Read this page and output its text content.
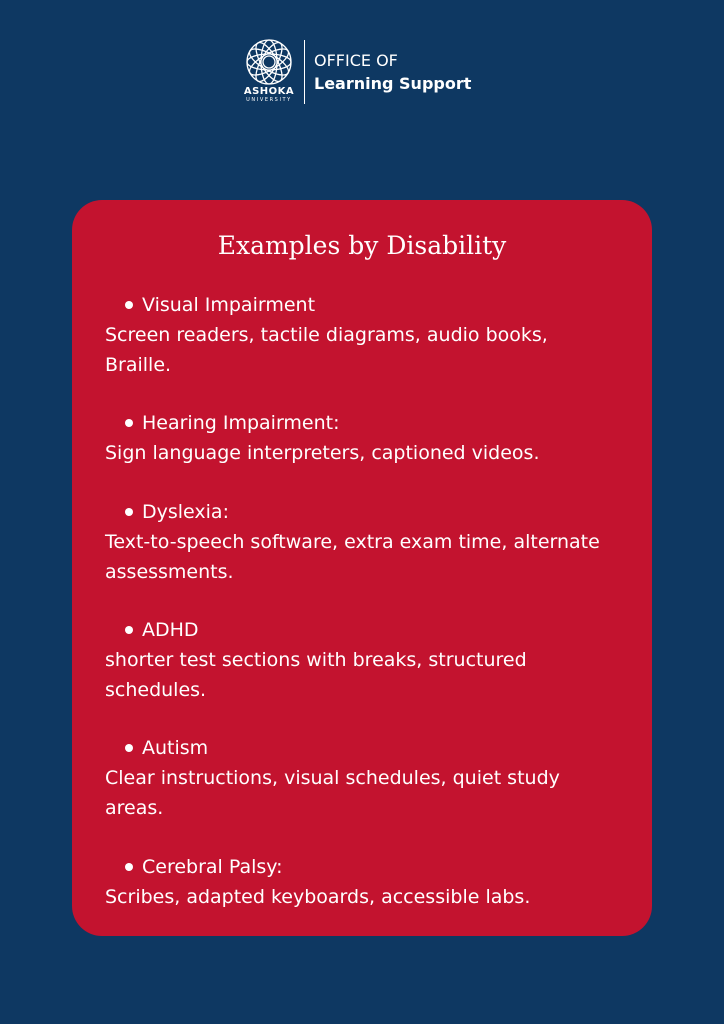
ASHOKA
UNIVERSITY
OFFICE OF
Learning Support
Examples by Disability
Visual Impairment
Screen readers, tactile diagrams, audio books,
Braille.
Hearing Impairment:
Sign language interpreters, captioned videos.
Dyslexia:
Text-to-speech software, extra exam time, alternate
assessments.
ADHD
shorter test sections with breaks, structured
schedules.
Autism
Clear instructions, visual schedules, quiet study
areas.
Cerebral Palsy:
Scribes, adapted keyboards, accessible labs.
